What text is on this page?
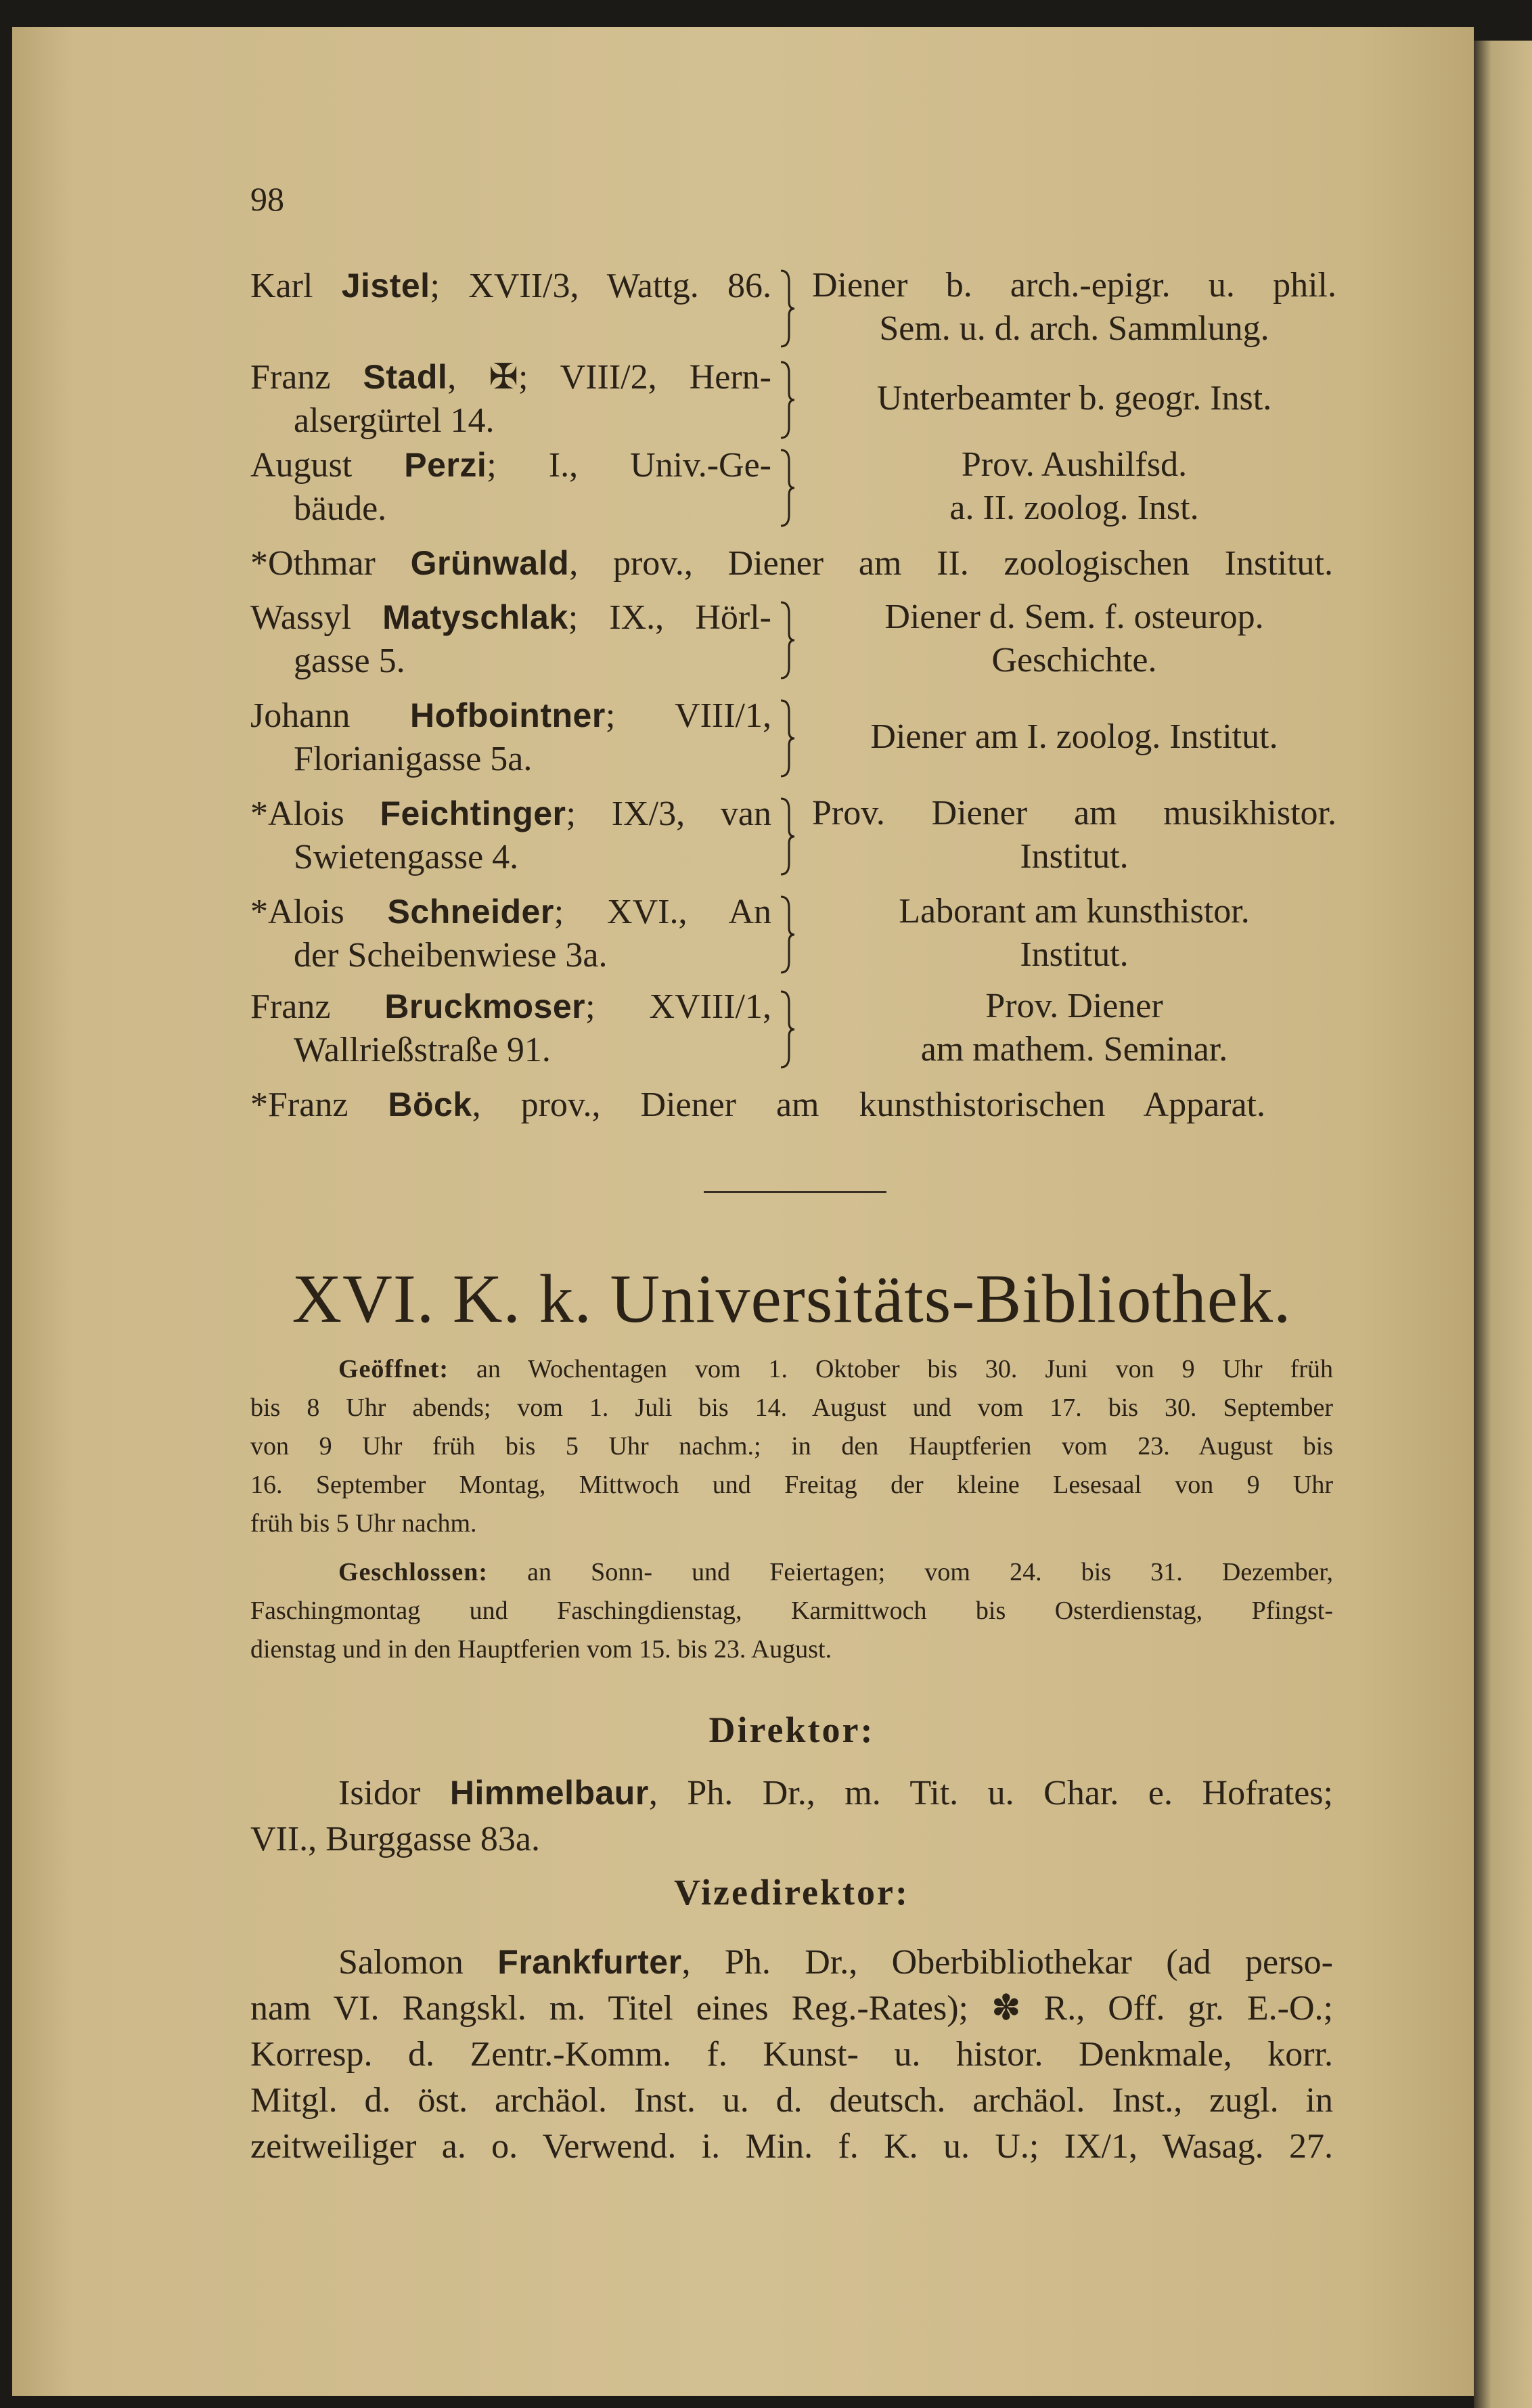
98
Karl Jistel; XVII/3, Wattg. 86. Diener b. arch.-epigr. u. phil.
Sem. u. d. arch. Sammlung.
Franz Stadl, ✠; VIII/2, Hern-
alsergürtel 14.
Unterbeamter b. geogr. Inst.
August Perzi; I., Univ.-Ge-
bäude.
Prov. Aushilfsd.
a. II. zoolog. Inst.
*Othmar Grünwald, prov., Diener am II. zoologischen Institut.
Wassyl Matyschlak; IX., Hörl-
gasse 5.
Diener d. Sem. f. osteurop.
Geschichte.
Johann Hofbointner; VIII/1,
Florianigasse 5a.
Diener am I. zoolog. Institut.
*Alois Feichtinger; IX/3, van
Swietengasse 4.
Prov. Diener am musikhistor.
Institut.
*Alois Schneider; XVI., An
der Scheibenwiese 3a.
Laborant am kunsthistor.
Institut.
Franz Bruckmoser; XVIII/1,
Wallrießstraße 91.
Prov. Diener
am mathem. Seminar.
*Franz Böck, prov., Diener am kunsthistorischen Apparat.
XVI. K. k. Universitäts-Bibliothek.
Geöffnet: an Wochentagen vom 1. Oktober bis 30. Juni von 9 Uhr früh
bis 8 Uhr abends; vom 1. Juli bis 14. August und vom 17. bis 30. September
von 9 Uhr früh bis 5 Uhr nachm.; in den Hauptferien vom 23. August bis
16. September Montag, Mittwoch und Freitag der kleine Lesesaal von 9 Uhr
früh bis 5 Uhr nachm.
Geschlossen: an Sonn- und Feiertagen; vom 24. bis 31. Dezember,
Faschingmontag und Faschingdienstag, Karmittwoch bis Osterdienstag, Pfingst-
dienstag und in den Hauptferien vom 15. bis 23. August.
Direktor:
Isidor Himmelbaur, Ph. Dr., m. Tit. u. Char. e. Hofrates;
VII., Burggasse 83a.
Vizedirektor:
Salomon Frankfurter, Ph. Dr., Oberbibliothekar (ad perso-
nam VI. Rangskl. m. Titel eines Reg.-Rates); ✽ R., Off. gr. E.-O.;
Korresp. d. Zentr.-Komm. f. Kunst- u. histor. Denkmale, korr.
Mitgl. d. öst. archäol. Inst. u. d. deutsch. archäol. Inst., zugl. in
zeitweiliger a. o. Verwend. i. Min. f. K. u. U.; IX/1, Wasag. 27.
